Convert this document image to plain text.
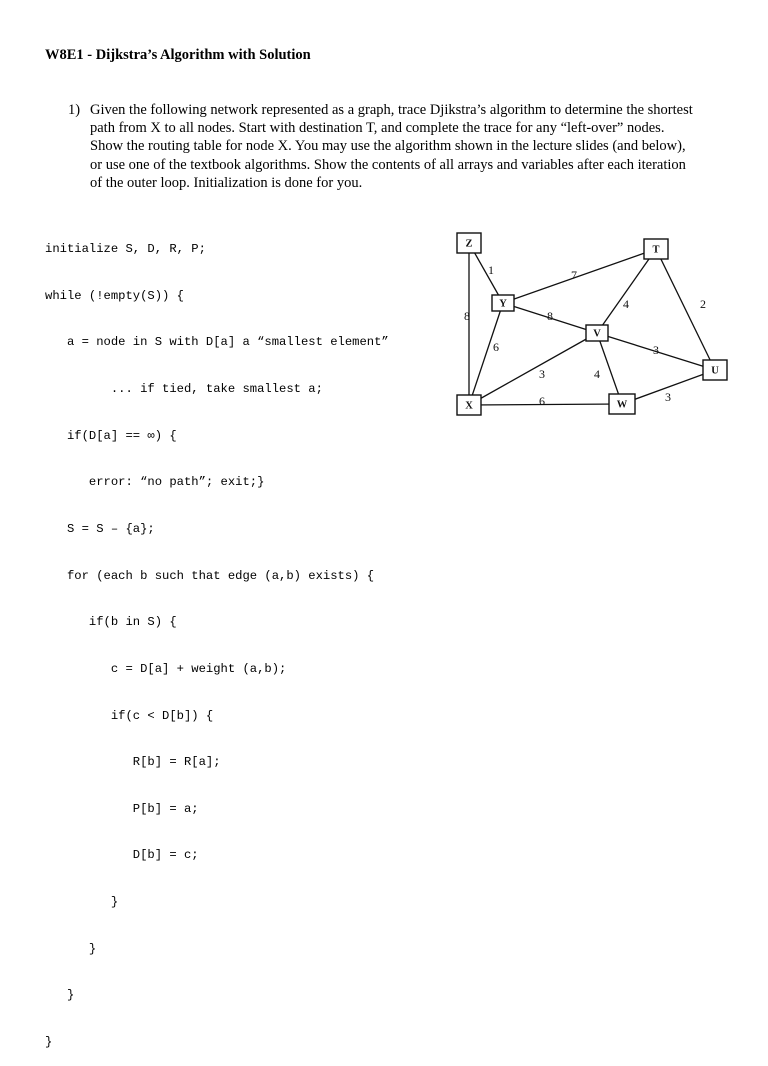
W8E1 - Dijkstra’s Algorithm with Solution
1) Given the following network represented as a graph, trace Djikstra’s algorithm to determine the shortest
path from X to all nodes. Start with destination T, and complete the trace for any “left-over” nodes.
Show the routing table for node X. You may use the algorithm shown in the lecture slides (and below),
or use one of the textbook algorithms. Show the contents of all arrays and variables after each iteration
of the outer loop. Initialization is done for you.

initialize S, D, R, P;

while (!empty(S)) {

a = node in S with D[a] a “smallest element”

... if tied, take smallest a;

if(D[a] == ∞) {

error: “no path”; exit;}

S = S – {a};

for (each b such that edge (a,b) exists) {

if(b in S) {

c = D[a] + weight (a,b);

if(c < D[b]) {

R[b] = R[a];

P[b] = a;

D[b] = c;

}

}

}

}

1
8
7
8
6
4
3
3	4
2
6	3
Z
Y
V
T
U
X	W
